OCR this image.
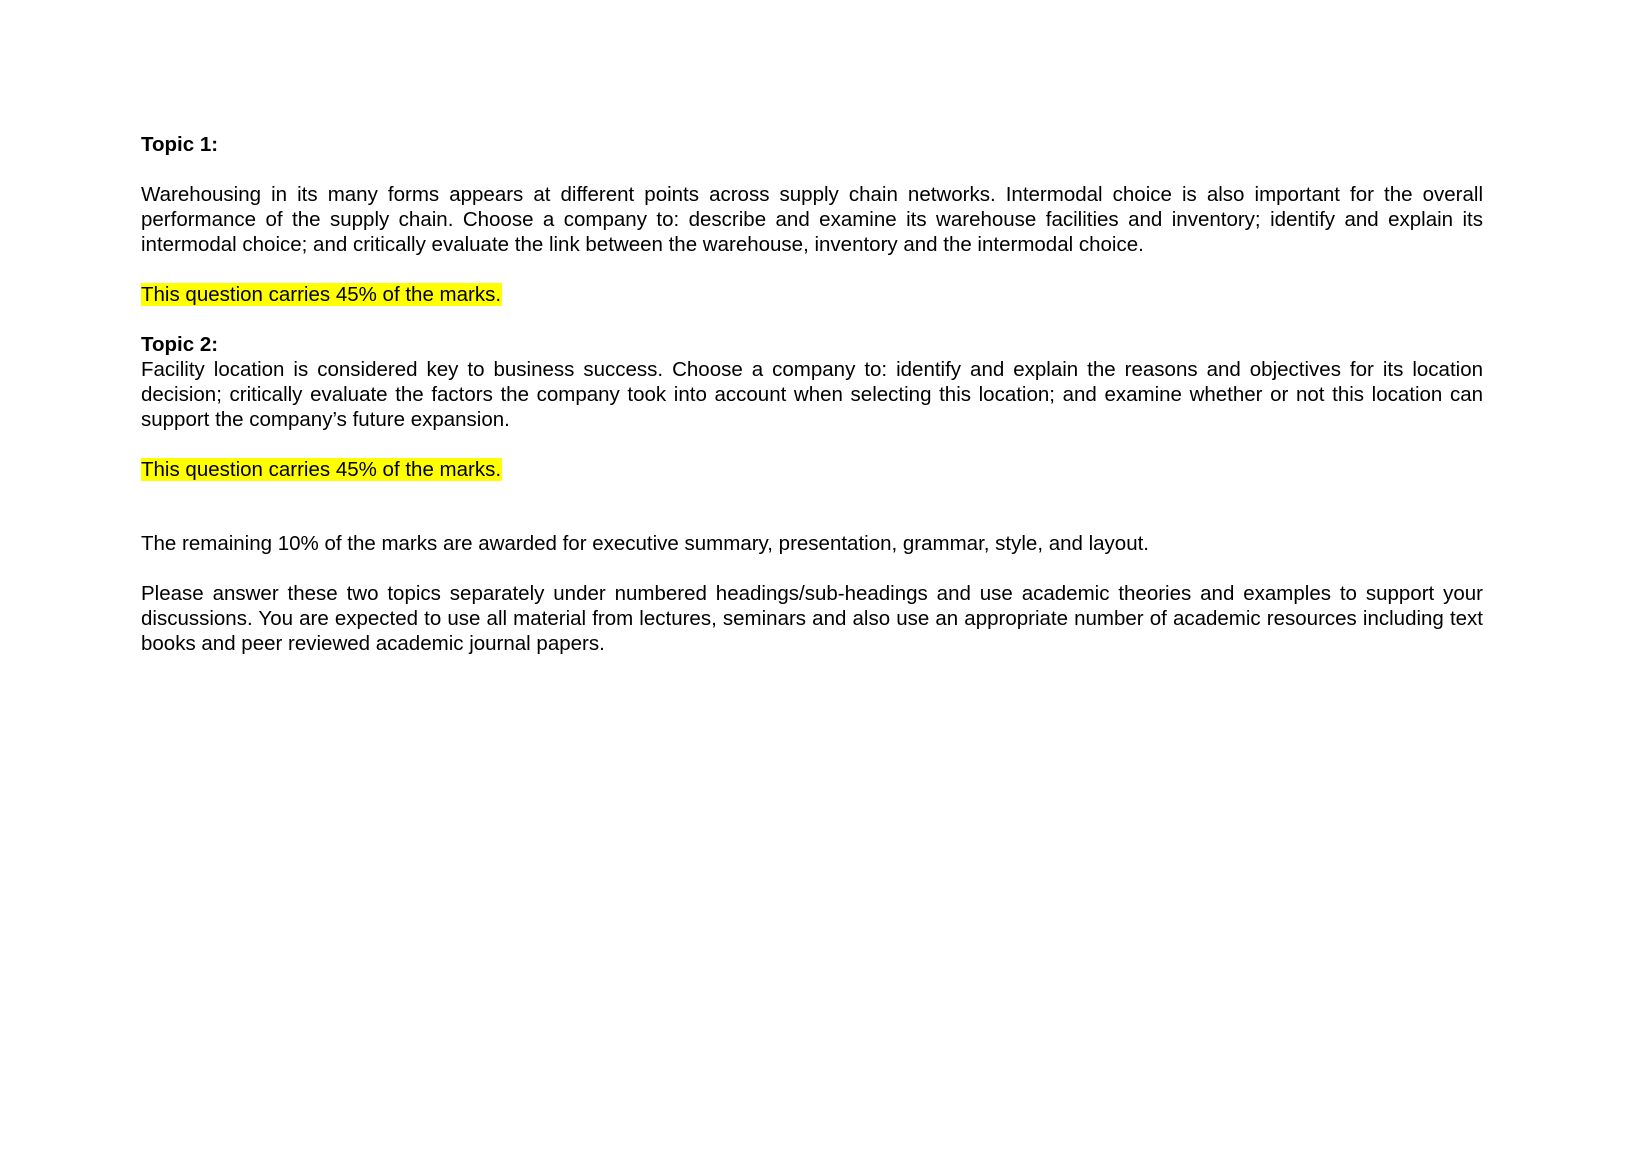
Topic 1:

Warehousing in its many forms appears at different points across supply chain networks. Intermodal choice is also important for the overall performance of the supply chain. Choose a company to: describe and examine its warehouse facilities and inventory; identify and explain its intermodal choice; and critically evaluate the link between the warehouse, inventory and the intermodal choice.

This question carries 45% of the marks.

Topic 2:

Facility location is considered key to business success. Choose a company to: identify and explain the reasons and objectives for its location decision; critically evaluate the factors the company took into account when selecting this location; and examine whether or not this location can support the company’s future expansion.

This question carries 45% of the marks.

The remaining 10% of the marks are awarded for executive summary, presentation, grammar, style, and layout.

Please answer these two topics separately under numbered headings/sub-headings and use academic theories and examples to support your discussions. You are expected to use all material from lectures, seminars and also use an appropriate number of academic resources including text books and peer reviewed academic journal papers.
